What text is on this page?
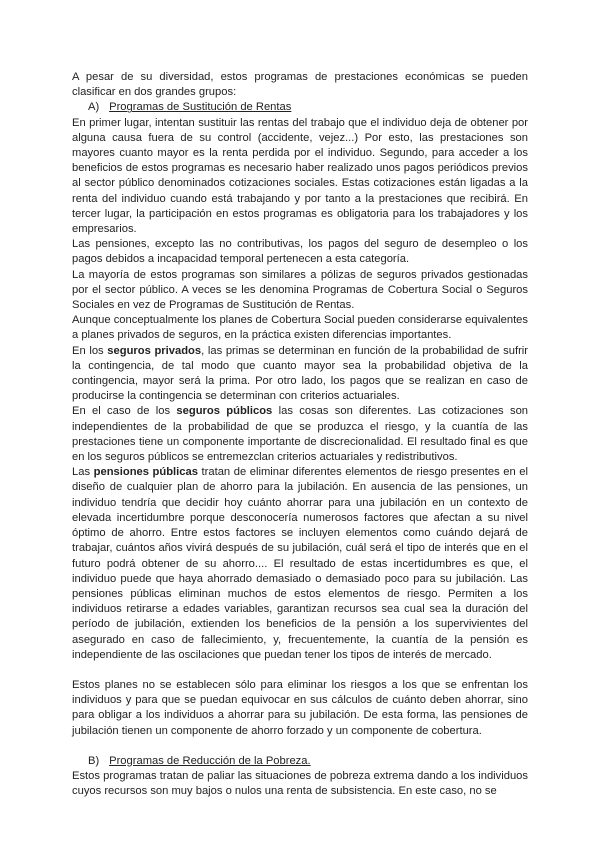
A pesar de su diversidad, estos programas de prestaciones económicas se pueden clasificar en dos grandes grupos:

A) Programas de Sustitución de Rentas

En primer lugar, intentan sustituir las rentas del trabajo que el individuo deja de obtener por alguna causa fuera de su control (accidente, vejez...) Por esto, las prestaciones son mayores cuanto mayor es la renta perdida por el individuo. Segundo, para acceder a los beneficios de estos programas es necesario haber realizado unos pagos periódicos previos al sector público denominados cotizaciones sociales. Estas cotizaciones están ligadas a la renta del individuo cuando está trabajando y por tanto a la prestaciones que recibirá. En tercer lugar, la participación en estos programas es obligatoria para los trabajadores y los empresarios.

Las pensiones, excepto las no contributivas, los pagos del seguro de desempleo o los pagos debidos a incapacidad temporal pertenecen a esta categoría.

La mayoría de estos programas son similares a pólizas de seguros privados gestionadas por el sector público. A veces se les denomina Programas de Cobertura Social o Seguros Sociales en vez de Programas de Sustitución de Rentas.

Aunque conceptualmente los planes de Cobertura Social pueden considerarse equivalentes a planes privados de seguros, en la práctica existen diferencias importantes.

En los seguros privados, las primas se determinan en función de la probabilidad de sufrir la contingencia, de tal modo que cuanto mayor sea la probabilidad objetiva de la contingencia, mayor será la prima. Por otro lado, los pagos que se realizan en caso de producirse la contingencia se determinan con criterios actuariales.

En el caso de los seguros públicos las cosas son diferentes. Las cotizaciones son independientes de la probabilidad de que se produzca el riesgo, y la cuantía de las prestaciones tiene un componente importante de discrecionalidad. El resultado final es que en los seguros públicos se entremezclan criterios actuariales y redistributivos.

Las pensiones públicas tratan de eliminar diferentes elementos de riesgo presentes en el diseño de cualquier plan de ahorro para la jubilación. En ausencia de las pensiones, un individuo tendría que decidir hoy cuánto ahorrar para una jubilación en un contexto de elevada incertidumbre porque desconocería numerosos factores que afectan a su nivel óptimo de ahorro. Entre estos factores se incluyen elementos como cuándo dejará de trabajar, cuántos años vivirá después de su jubilación, cuál será el tipo de interés que en el futuro podrá obtener de su ahorro.... El resultado de estas incertidumbres es que, el individuo puede que haya ahorrado demasiado o demasiado poco para su jubilación. Las pensiones públicas eliminan muchos de estos elementos de riesgo. Permiten a los individuos retirarse a edades variables, garantizan recursos sea cual sea la duración del período de jubilación, extienden los beneficios de la pensión a los supervivientes del asegurado en caso de fallecimiento, y, frecuentemente, la cuantía de la pensión es independiente de las oscilaciones que puedan tener los tipos de interés de mercado.

Estos planes no se establecen sólo para eliminar los riesgos a los que se enfrentan los individuos y para que se puedan equivocar en sus cálculos de cuánto deben ahorrar, sino para obligar a los individuos a ahorrar para su jubilación. De esta forma, las pensiones de jubilación tienen un componente de ahorro forzado y un componente de cobertura.

B) Programas de Reducción de la Pobreza.

Estos programas tratan de paliar las situaciones de pobreza extrema dando a los individuos cuyos recursos son muy bajos o nulos una renta de subsistencia. En este caso, no se
